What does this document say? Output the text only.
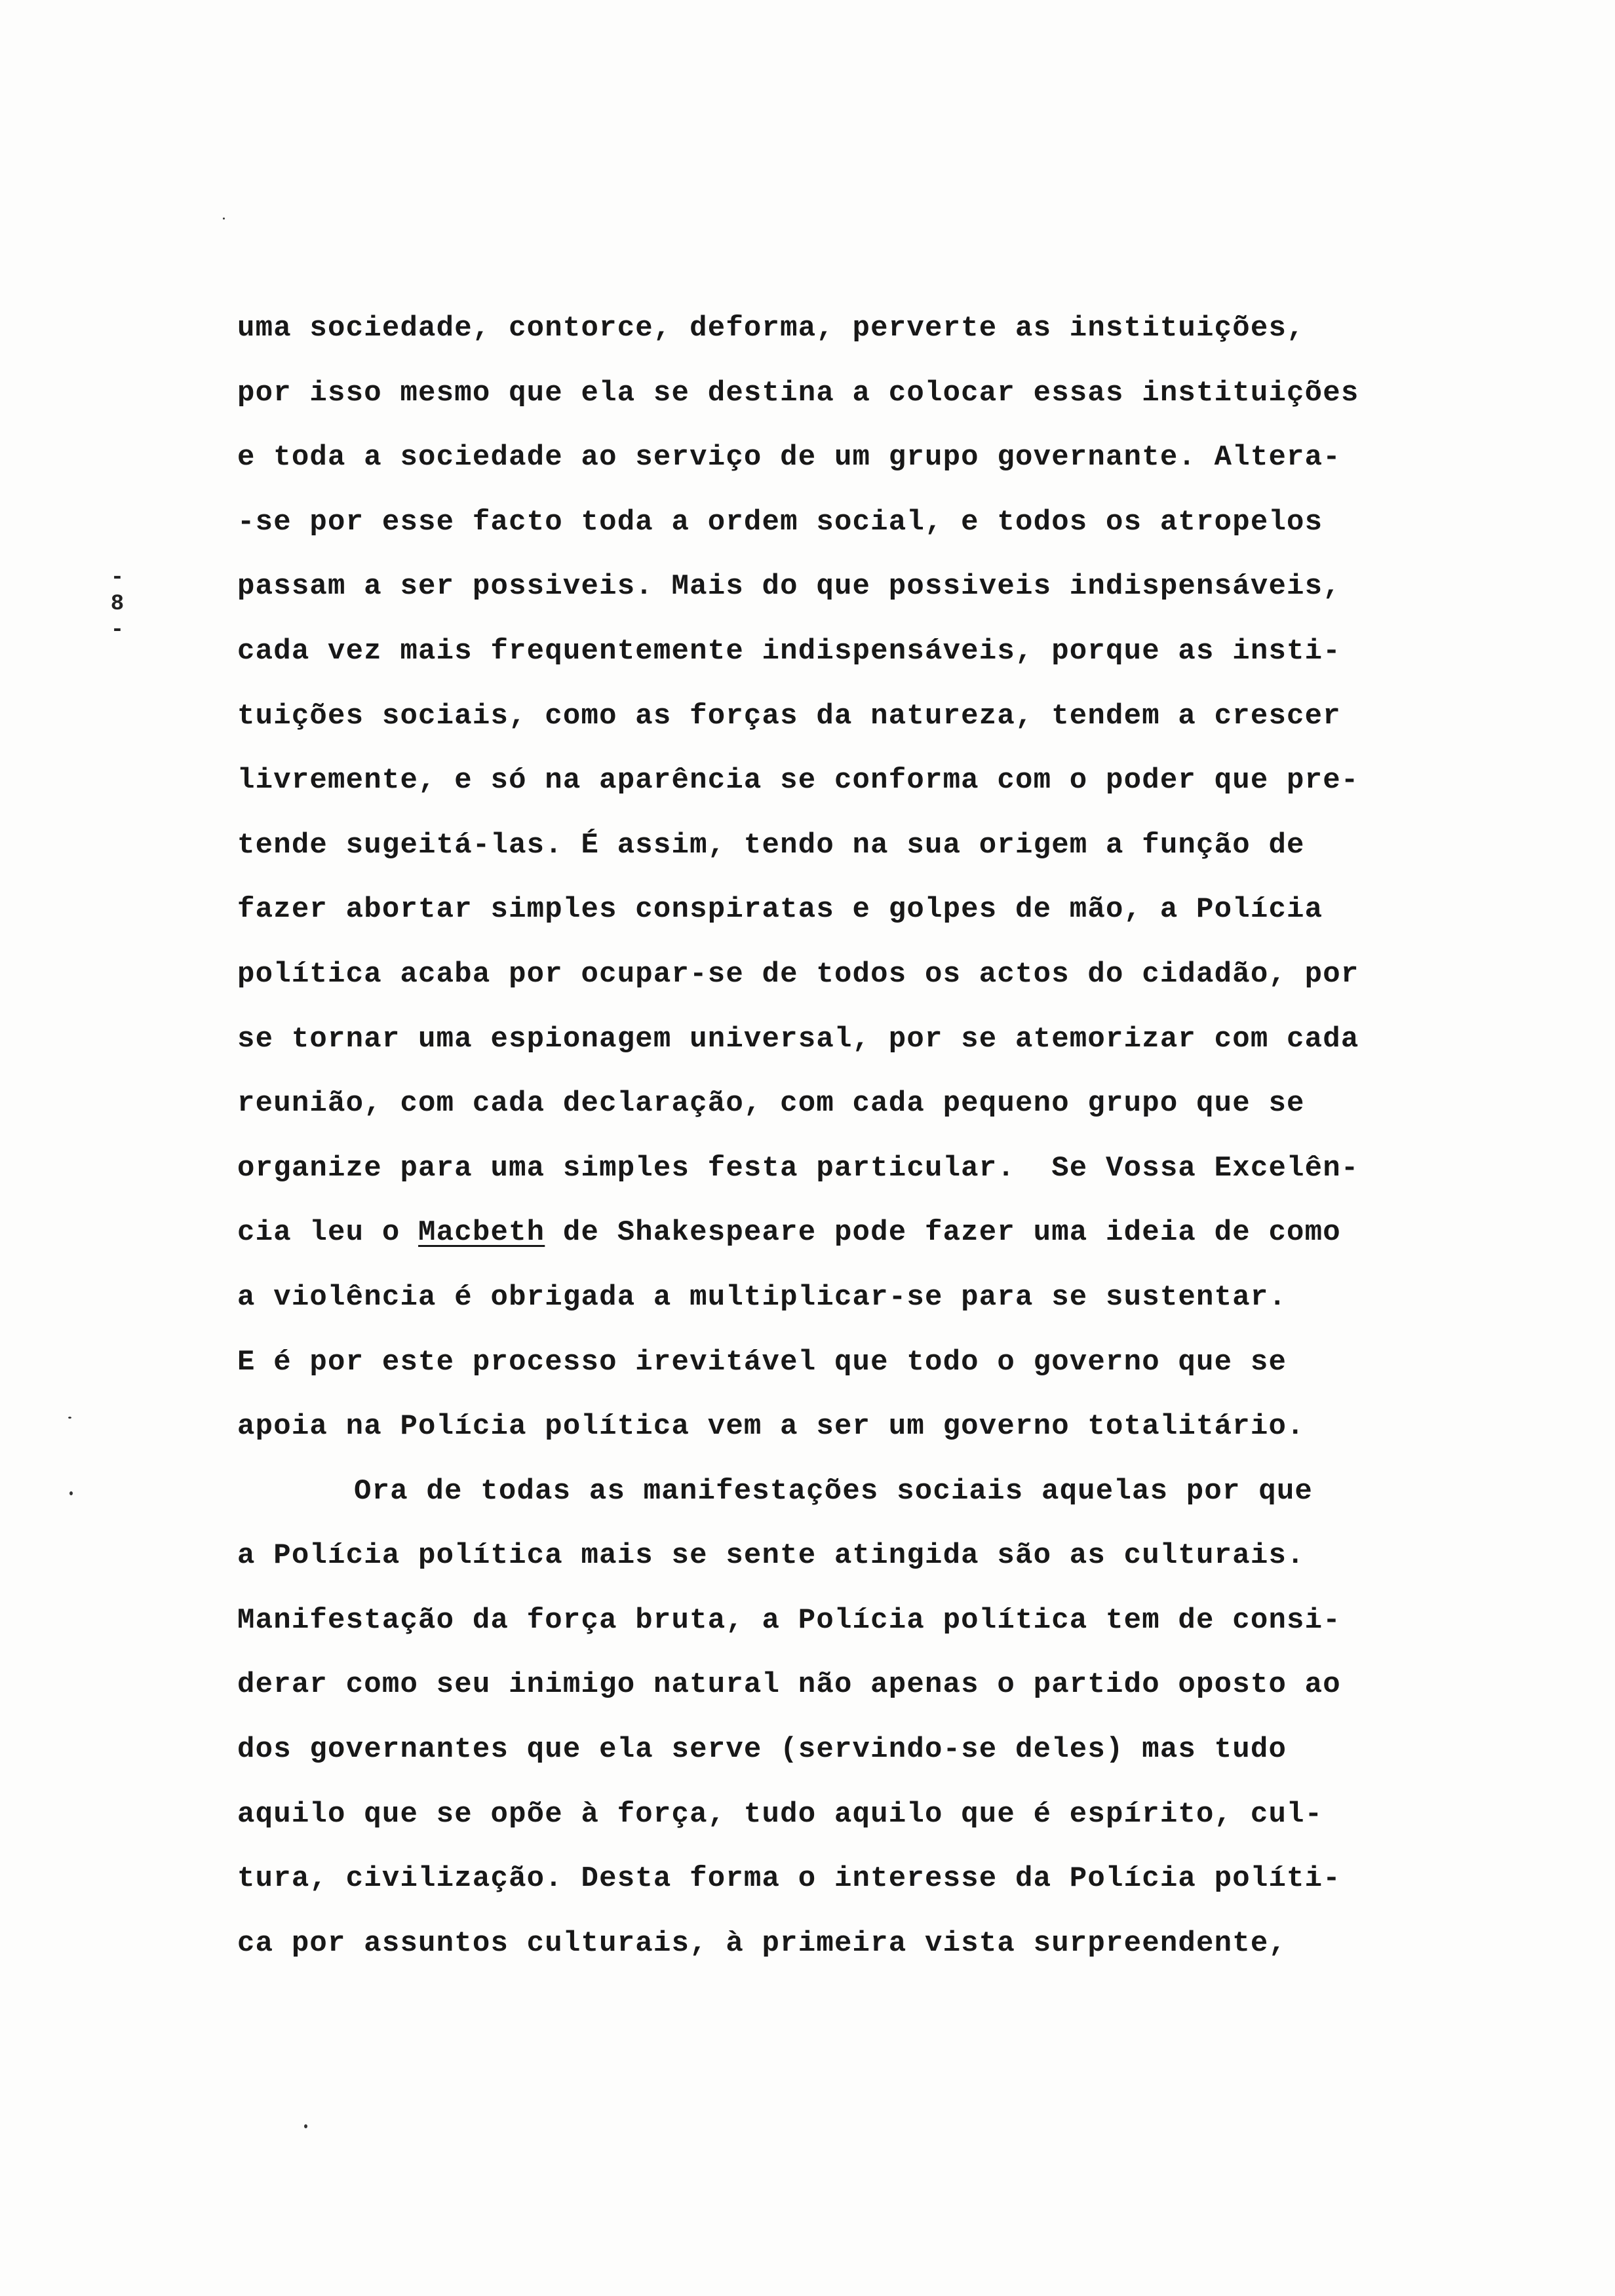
-
8
-
uma sociedade, contorce, deforma, perverte as instituições,
por isso mesmo que ela se destina a colocar essas instituições
e toda a sociedade ao serviço de um grupo governante. Altera-
-se por esse facto toda a ordem social, e todos os atropelos
passam a ser possiveis. Mais do que possiveis indispensáveis,
cada vez mais frequentemente indispensáveis, porque as insti-
tuições sociais, como as forças da natureza, tendem a crescer
livremente, e só na aparência se conforma com o poder que pre-
tende sugeitá-las. É assim, tendo na sua origem a função de
fazer abortar simples conspiratas e golpes de mão, a Polícia
política acaba por ocupar-se de todos os actos do cidadão, por
se tornar uma espionagem universal, por se atemorizar com cada
reunião, com cada declaração, com cada pequeno grupo que se
organize para uma simples festa particular.  Se Vossa Excelên-
cia leu o Macbeth de Shakespeare pode fazer uma ideia de como
a violência é obrigada a multiplicar-se para se sustentar.
E é por este processo irevitável que todo o governo que se
apoia na Polícia política vem a ser um governo totalitário.
Ora de todas as manifestações sociais aquelas por que
a Polícia política mais se sente atingida são as culturais.
Manifestação da força bruta, a Polícia política tem de consi-
derar como seu inimigo natural não apenas o partido oposto ao
dos governantes que ela serve (servindo-se deles) mas tudo
aquilo que se opõe à força, tudo aquilo que é espírito, cul-
tura, civilização. Desta forma o interesse da Polícia políti-
ca por assuntos culturais, à primeira vista surpreendente,
